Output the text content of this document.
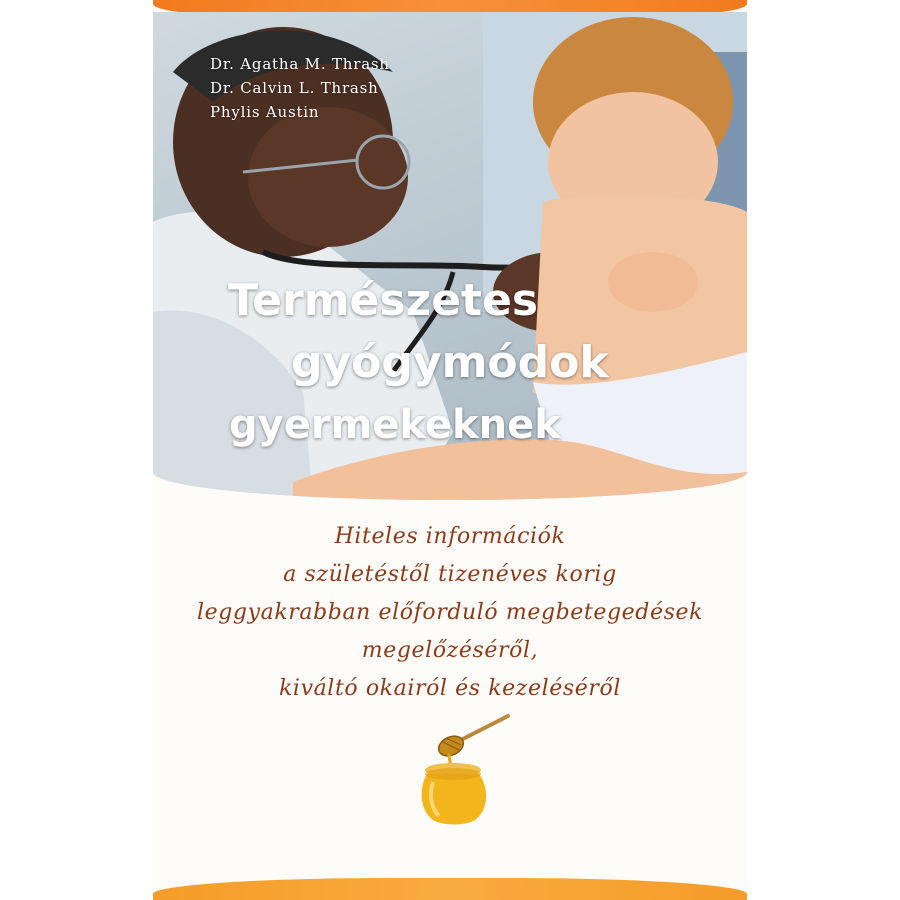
Dr. Agatha M. Thrash
Dr. Calvin L. Thrash
Phylis Austin
Természetes
gyógymódok
gyermekeknek
Hiteles információk
a születéstől tizenéves korig
leggyakrabban előforduló megbetegedések
megelőzéséről,
kiváltó okairól és kezeléséről
